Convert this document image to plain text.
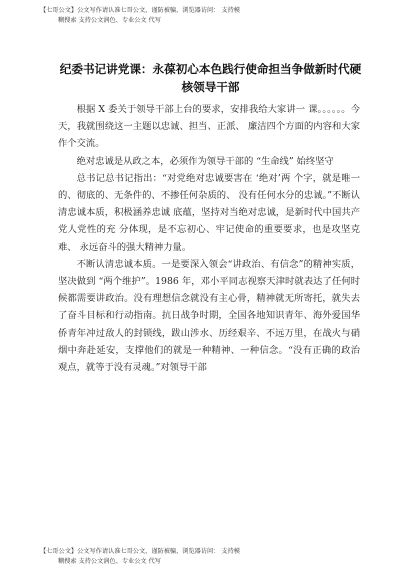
【七哥公文】公文写作请认准七哥公文，谨防被骗，浏览器访问： 支持模
糊搜索 支持公文润色、专业公文 代写
纪委书记讲党课：永葆初心本色践行使命担当争做新时代硬核领导干部

根据 X 委关于领导干部上台的要求，安排我给大家讲一 课。。。。。。今天，我就围绕这一主题以忠诚、担当、正派、 廉洁四个方面的内容和大家作个交流。

绝对忠诚是从政之本，必须作为领导干部的 “生命线” 始终坚守

总书记总书记指出：“对党绝对忠诚要害在 ‘绝对’两 个字，就是唯一的、彻底的、无条件的、不掺任何杂质的、 没有任何水分的忠诚。”不断认清忠诚本质，积极涵养忠诚 底蕴，坚持对当绝对忠诚，是新时代中国共产党人党性的充 分体现，是不忘初心、牢记使命的重要要求，也是攻坚克难、 永远奋斗的强大精神力量。

不断认清忠诚本质。一是要深入领会“讲政治、有信念”的精神实质，坚决做到 “两个维护”。1986 年，邓小平同志视察天津时就表达了任何时候都需要讲政治。没有理想信念就没有主心骨，精神就无所寄托，就失去了奋斗目标和行动指南。抗日战争时期，全国各地知识青年、海外爱国华侨青年冲过敌人的封锁线，跋山涉水、历经艰辛、不远万里，在战火与硝烟中奔赴延安，支撑他们的就是一种精神、一种信念。“没有正确的政治观点，就等于没有灵魂。”对领导干部

【七哥公文】公文写作请认准七哥公文，谨防被骗，浏览器访问： 支持模
糊搜索 支持公文润色、专业公文 代写
